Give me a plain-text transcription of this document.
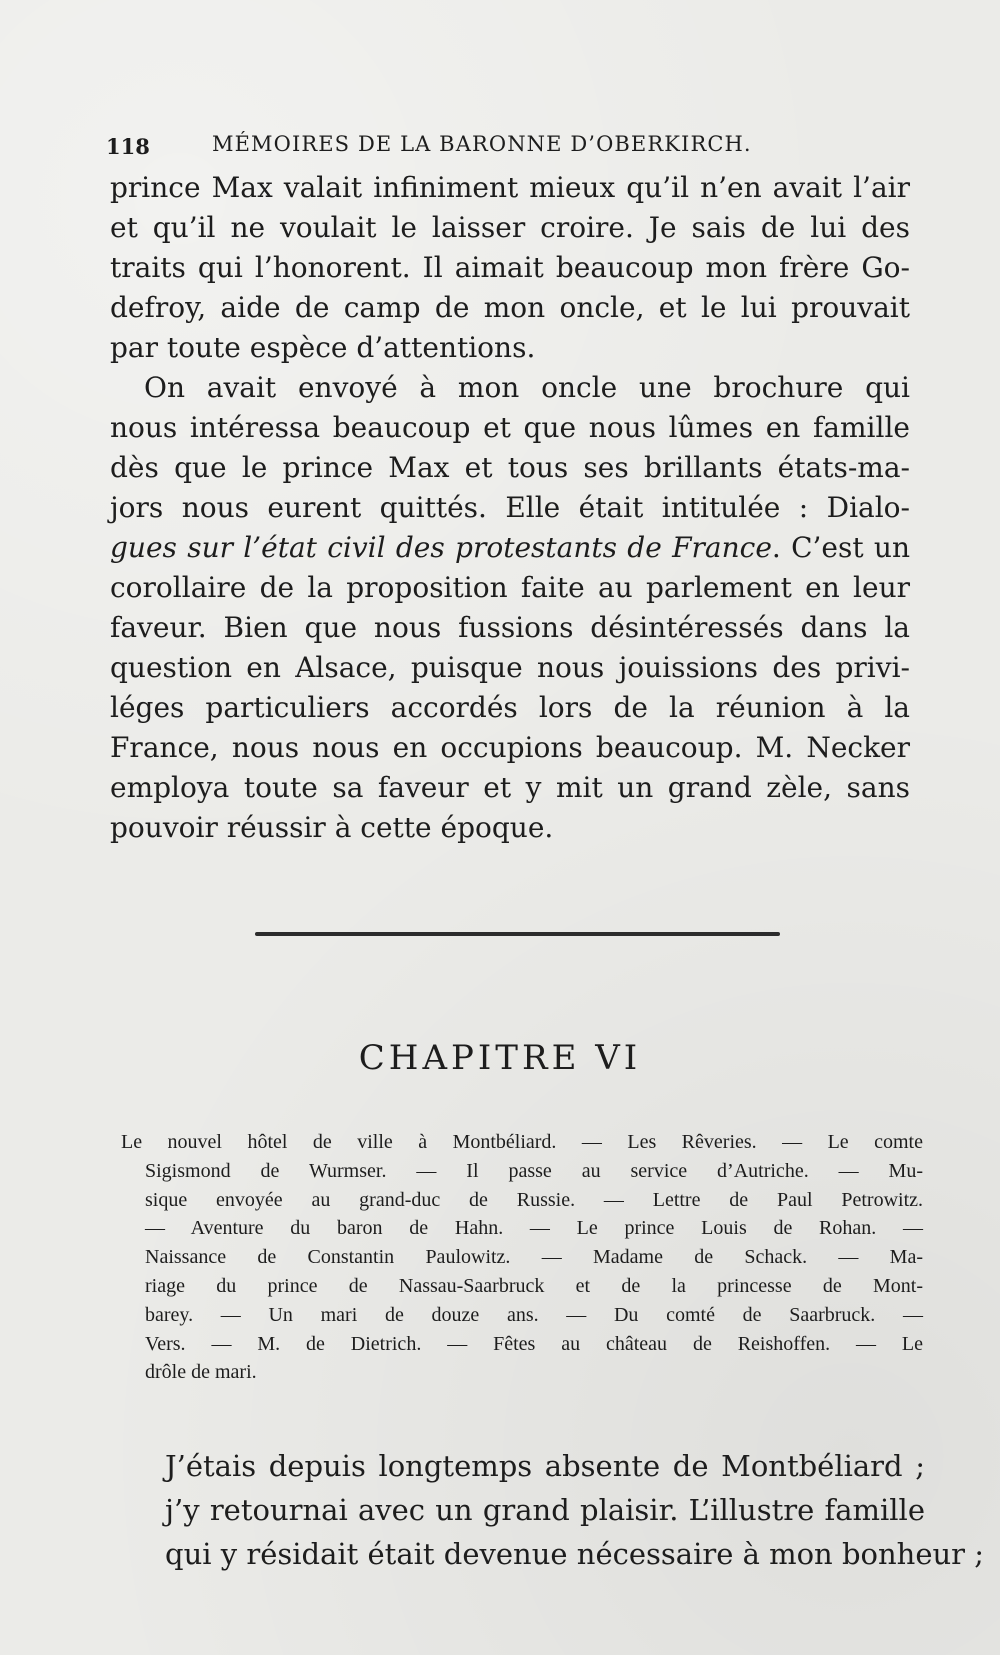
118	MÉMOIRES DE LA BARONNE D’OBERKIRCH.
prince Max valait infiniment mieux qu’il n’en avait l’air
et qu’il ne voulait le laisser croire. Je sais de lui des
traits qui l’honorent. Il aimait beaucoup mon frère Go-
defroy, aide de camp de mon oncle, et le lui prouvait
par toute espèce d’attentions.
On avait envoyé à mon oncle une brochure qui
nous intéressa beaucoup et que nous lûmes en famille
dès que le prince Max et tous ses brillants états-ma-
jors nous eurent quittés. Elle était intitulée : Dialo-
gues sur l’état civil des protestants de France. C’est un
corollaire de la proposition faite au parlement en leur
faveur. Bien que nous fussions désintéressés dans la
question en Alsace, puisque nous jouissions des privi-
léges particuliers accordés lors de la réunion à la
France, nous nous en occupions beaucoup. M. Necker
employa toute sa faveur et y mit un grand zèle, sans
pouvoir réussir à cette époque.
CHAPITRE VI
Le nouvel hôtel de ville à Montbéliard. — Les Rêveries. — Le comte
Sigismond de Wurmser. — Il passe au service d’Autriche. — Mu-
sique envoyée au grand-duc de Russie. — Lettre de Paul Petrowitz.
— Aventure du baron de Hahn. — Le prince Louis de Rohan. —
Naissance de Constantin Paulowitz. — Madame de Schack. — Ma-
riage du prince de Nassau-Saarbruck et de la princesse de Mont-
barey. — Un mari de douze ans. — Du comté de Saarbruck. —
Vers. — M. de Dietrich. — Fêtes au château de Reishoffen. — Le
drôle de mari.
J’étais depuis longtemps absente de Montbéliard ;
j’y retournai avec un grand plaisir. L’illustre famille
qui y résidait était devenue nécessaire à mon bonheur ;
